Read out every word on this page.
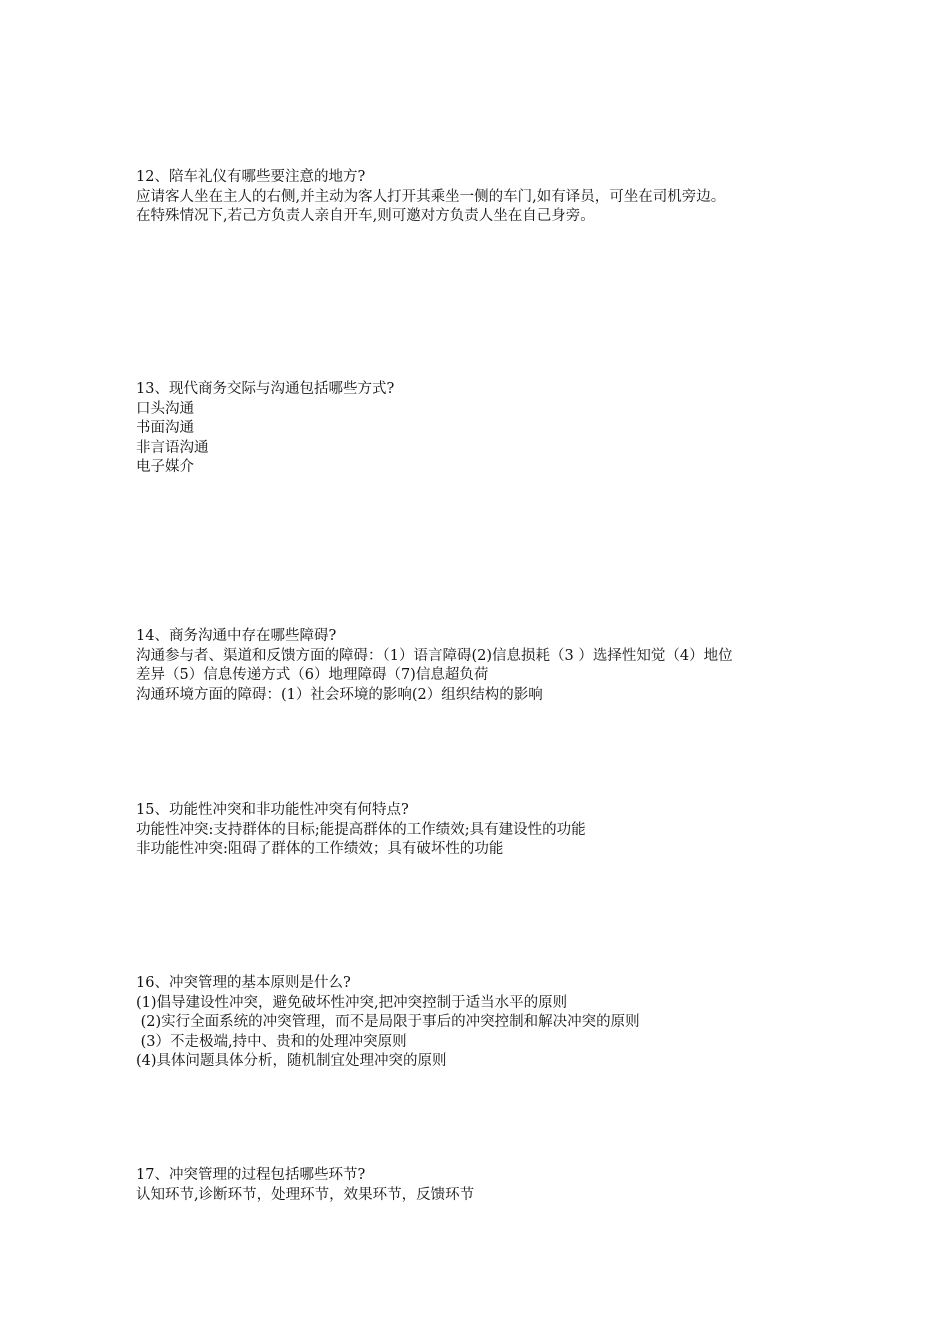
12、陪车礼仪有哪些要注意的地方?
应请客人坐在主人的右侧,并主动为客人打开其乘坐一侧的车门,如有译员，可坐在司机旁边。
在特殊情况下,若己方负责人亲自开车,则可邀对方负责人坐在自己身旁。
13、现代商务交际与沟通包括哪些方式?
口头沟通
书面沟通
非言语沟通
电子媒介
14、商务沟通中存在哪些障碍?
沟通参与者、渠道和反馈方面的障碍：（1）语言障碍(2)信息损耗（3 ）选择性知觉（4）地位
差异（5）信息传递方式（6）地理障碍（7)信息超负荷
沟通环境方面的障碍：(1）社会环境的影响(2）组织结构的影响
15、功能性冲突和非功能性冲突有何特点?
功能性冲突:支持群体的目标;能提高群体的工作绩效;具有建设性的功能
非功能性冲突:阻碍了群体的工作绩效；具有破坏性的功能
16、冲突管理的基本原则是什么?
(1)倡导建设性冲突，避免破坏性冲突,把冲突控制于适当水平的原则
(2)实行全面系统的冲突管理，而不是局限于事后的冲突控制和解决冲突的原则
(3）不走极端,持中、贵和的处理冲突原则
(4)具体问题具体分析，随机制宜处理冲突的原则
17、冲突管理的过程包括哪些环节?
认知环节,诊断环节，处理环节，效果环节，反馈环节
